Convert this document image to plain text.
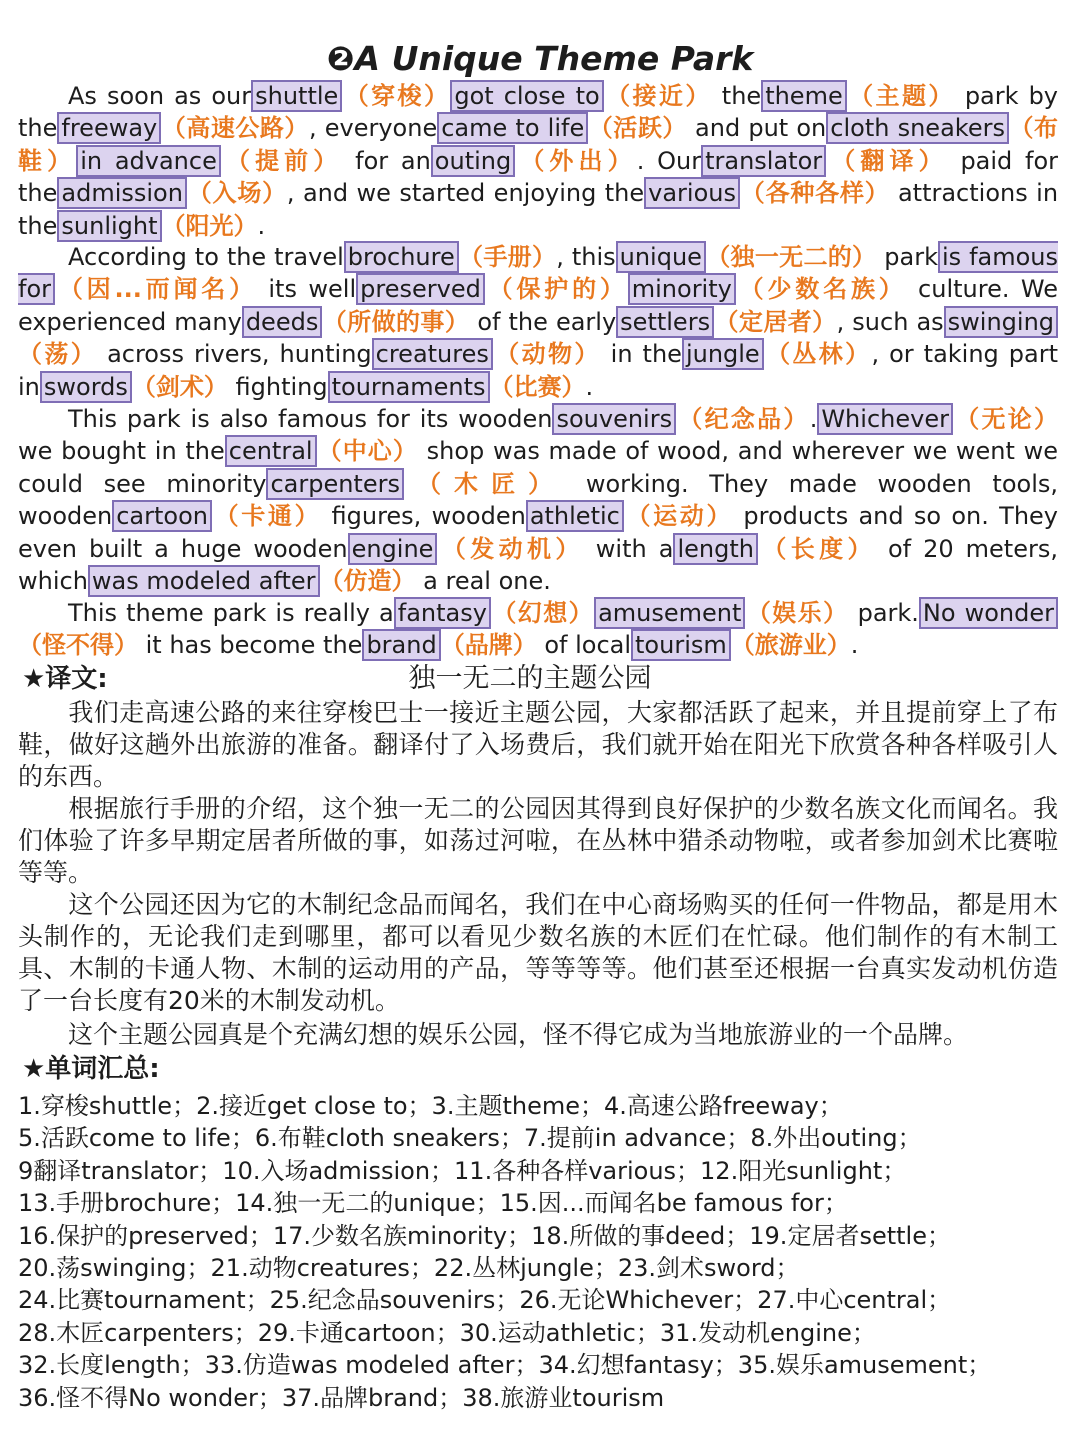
❷A Unique Theme Park

As soon as our shuttle （穿梭） got close to （接近） the theme （主题） park by the freeway （高速公路）, everyone came to life （活跃） and put on cloth sneakers （布鞋） in advance （提前） for an outing （外出）. Our translator （翻译） paid for the admission （入场）, and we started enjoying the various （各种各样） attractions in the sunlight （阳光）.

According to the travel brochure （手册）, this unique （独一无二的） park is famous for （因...而闻名） its well preserved （保护的） minority （少数名族） culture. We experienced many deeds （所做的事） of the early settlers （定居者）, such as swinging（荡） across rivers, hunting creatures （动物） in the jungle （丛林）, or taking part in swords （剑术） fighting tournaments （比赛）.

This park is also famous for its wooden souvenirs （纪念品）. Whichever （无论） we bought in the central （中心） shop was made of wood, and wherever we went we could see minority carpenters （木匠） working. They made wooden tools, wooden cartoon （卡通） figures, wooden athletic （运动） products and so on. They even built a huge wooden engine （发动机） with a length （长度） of 20 meters, which was modeled after （仿造） a real one.

This theme park is really a fantasy （幻想） amusement （娱乐） park. No wonder（怪不得） it has become the brand （品牌） of local tourism （旅游业）.

★译文:	独一无二的主题公园

我们走高速公路的来往穿梭巴士一接近主题公园，大家都活跃了起来，并且提前穿上了布鞋，做好这趟外出旅游的准备。翻译付了入场费后，我们就开始在阳光下欣赏各种各样吸引人的东西。

根据旅行手册的介绍，这个独一无二的公园因其得到良好保护的少数名族文化而闻名。我们体验了许多早期定居者所做的事，如荡过河啦，在丛林中猎杀动物啦，或者参加剑术比赛啦等等。

这个公园还因为它的木制纪念品而闻名，我们在中心商场购买的任何一件物品，都是用木头制作的，无论我们走到哪里，都可以看见少数名族的木匠们在忙碌。他们制作的有木制工具、木制的卡通人物、木制的运动用的产品，等等等等。他们甚至还根据一台真实发动机仿造了一台长度有20米的木制发动机。

这个主题公园真是个充满幻想的娱乐公园，怪不得它成为当地旅游业的一个品牌。

★单词汇总:

1.穿梭shuttle；2.接近get close to；3.主题theme；4.高速公路freeway；
5.活跃come to life；6.布鞋cloth sneakers；7.提前in advance；8.外出outing；
9翻译translator；10.入场admission；11.各种各样various；12.阳光sunlight；
13.手册brochure；14.独一无二的unique；15.因...而闻名be famous for；
16.保护的preserved；17.少数名族minority；18.所做的事deed；19.定居者settle；
20.荡swinging；21.动物creatures；22.丛林jungle；23.剑术sword；
24.比赛tournament；25.纪念品souvenirs；26.无论Whichever；27.中心central；
28.木匠carpenters；29.卡通cartoon；30.运动athletic；31.发动机engine；
32.长度length；33.仿造was modeled after；34.幻想fantasy；35.娱乐amusement；
36.怪不得No wonder；37.品牌brand；38.旅游业tourism
